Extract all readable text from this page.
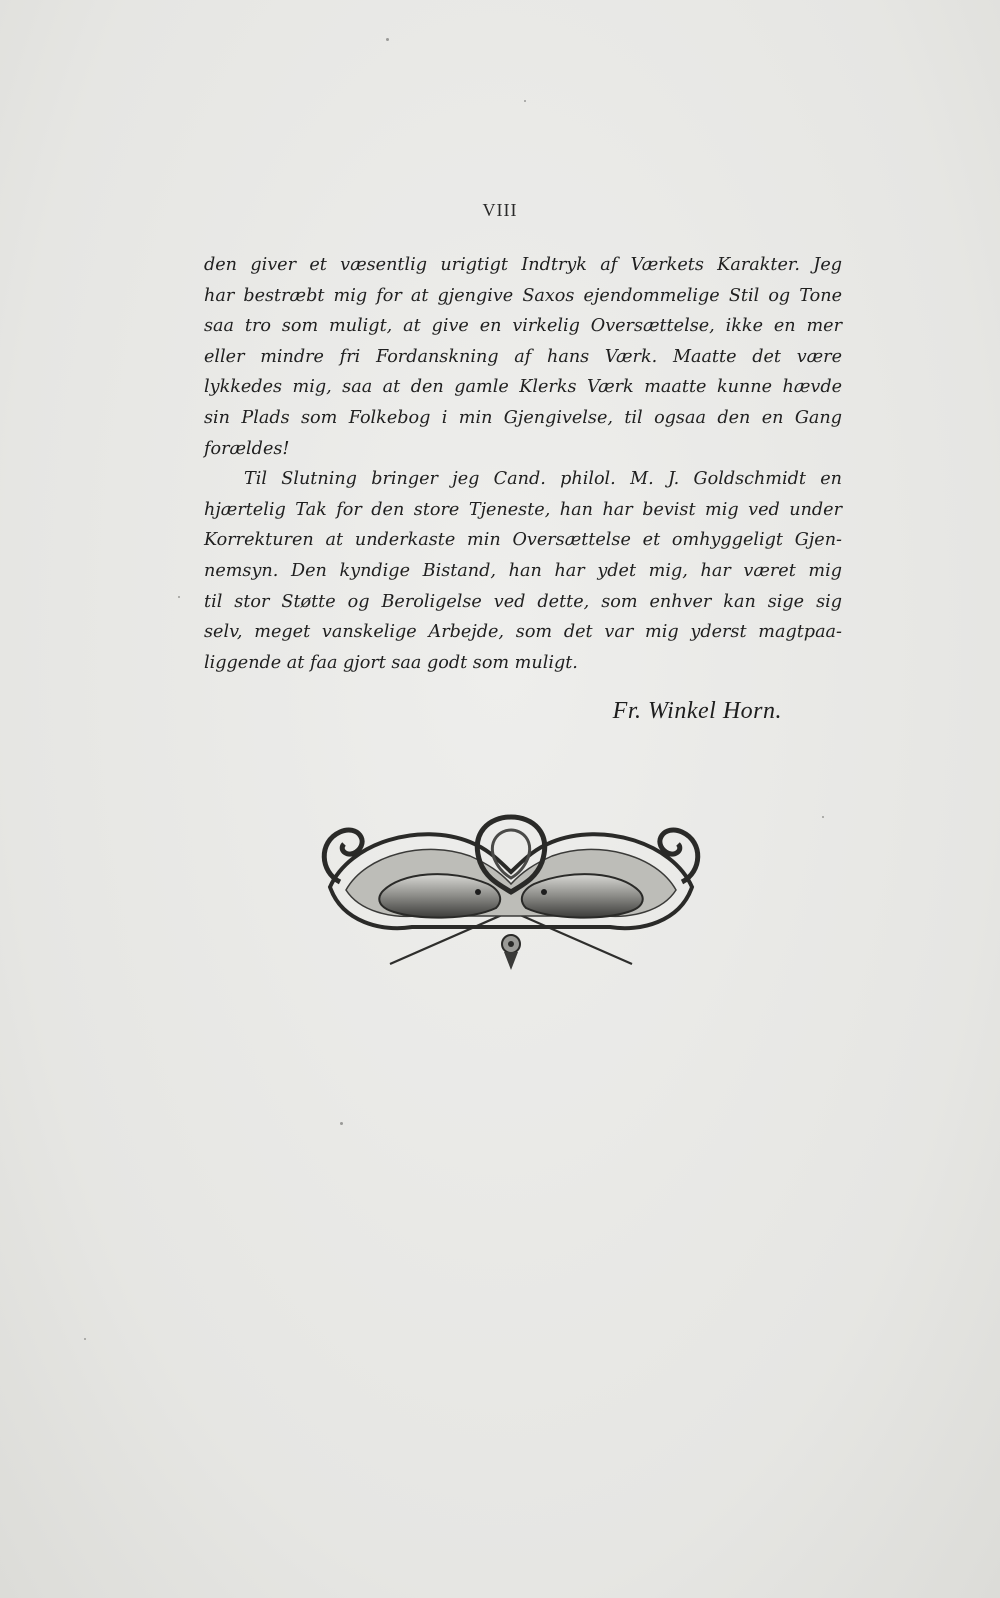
VIII
den giver et væsentlig urigtigt Indtryk af Værkets Karakter. Jeg
har bestræbt mig for at gjengive Saxos ejendommelige Stil og Tone
saa tro som muligt, at give en virkelig Oversættelse, ikke en mer
eller mindre fri Fordanskning af hans Værk. Maatte det være
lykkedes mig, saa at den gamle Klerks Værk maatte kunne hævde
sin Plads som Folkebog i min Gjengivelse, til ogsaa den en Gang
forældes!
Til Slutning bringer jeg Cand. philol. M. J. Goldschmidt en
hjærtelig Tak for den store Tjeneste, han har bevist mig ved under
Korrekturen at underkaste min Oversættelse et omhyggeligt Gjen-
nemsyn. Den kyndige Bistand, han har ydet mig, har været mig
til stor Støtte og Beroligelse ved dette, som enhver kan sige sig
selv, meget vanskelige Arbejde, som det var mig yderst magtpaa-
liggende at faa gjort saa godt som muligt.
Fr. Winkel Horn.
